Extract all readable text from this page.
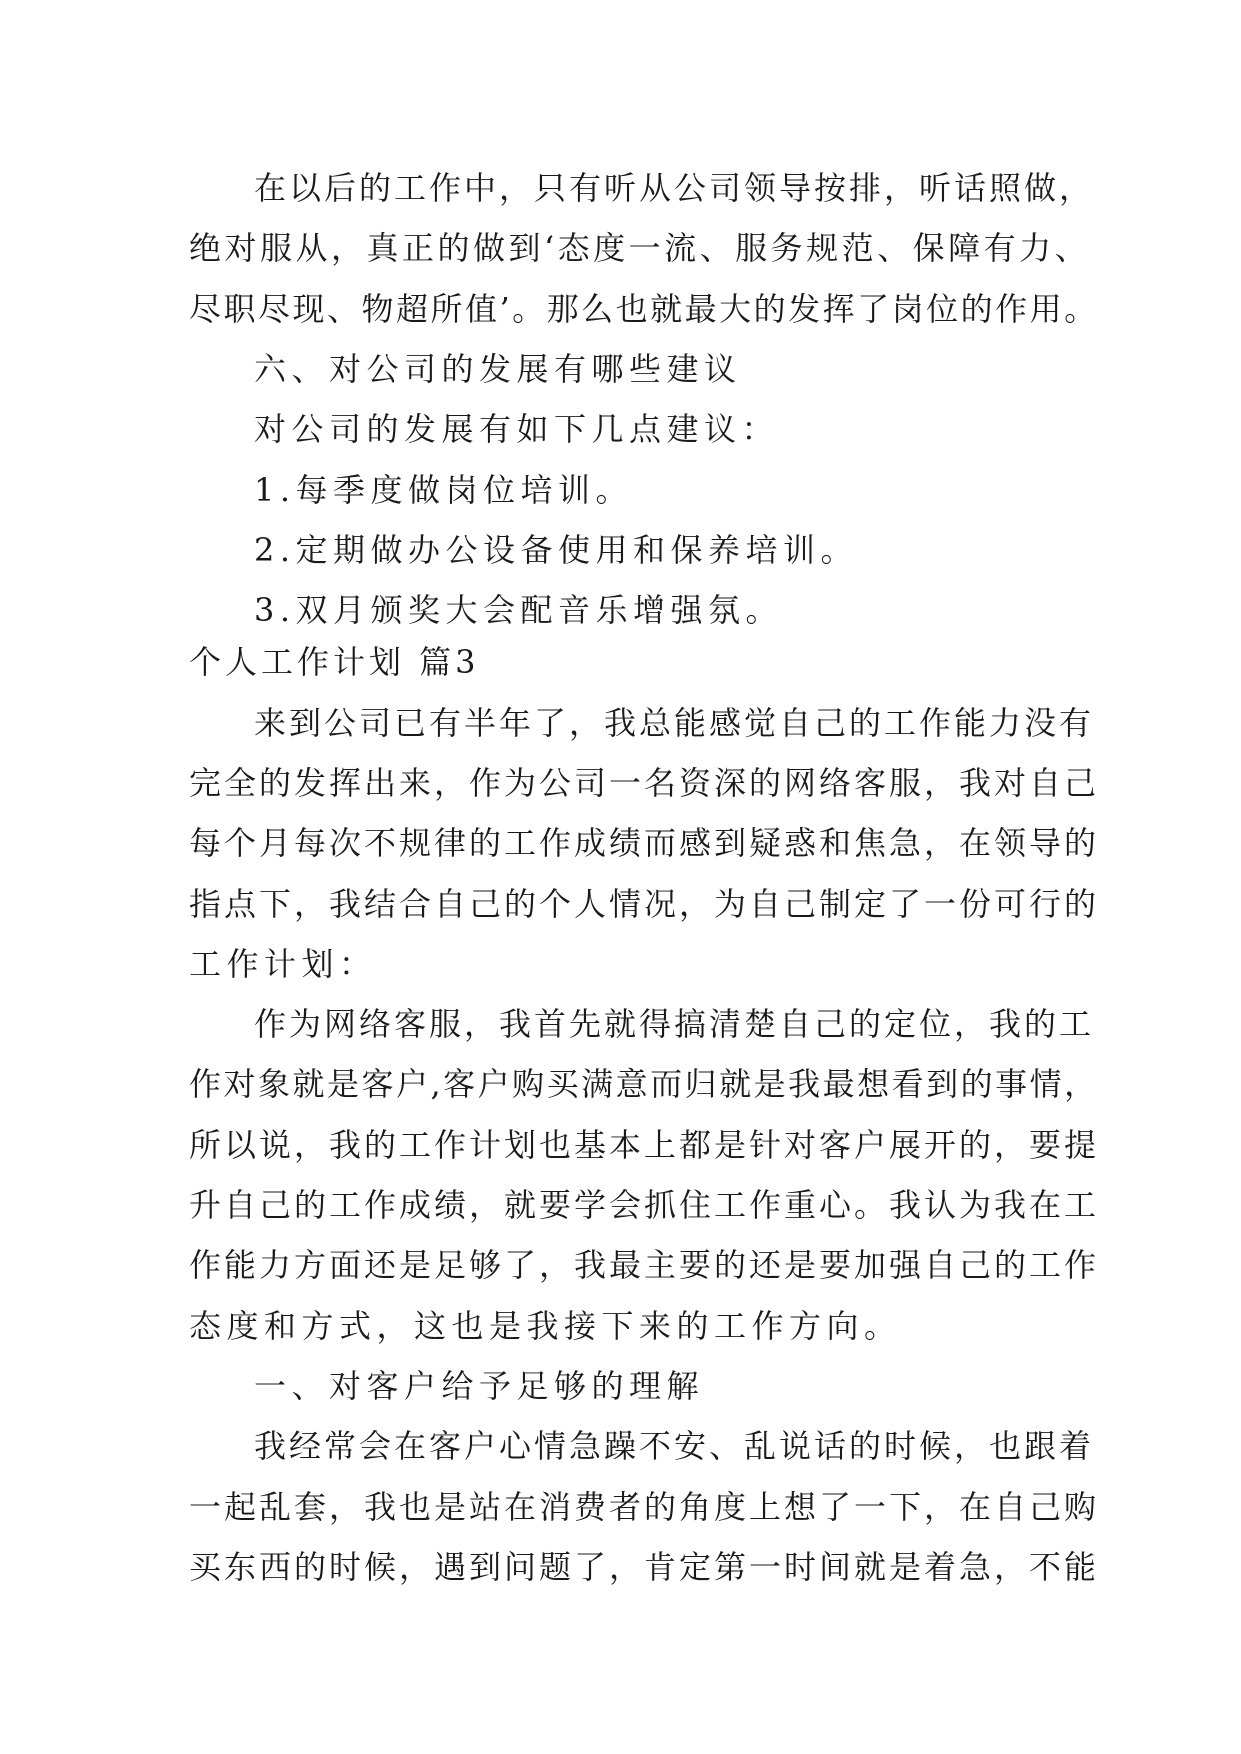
在以后的工作中，只有听从公司领导按排，听话照做，
绝对服从，真正的做到‘态度一流、服务规范、保障有力、
尽职尽现、物超所值’。那么也就最大的发挥了岗位的作用。
六、对公司的发展有哪些建议
对公司的发展有如下几点建议：
1.每季度做岗位培训。
2.定期做办公设备使用和保养培训。
3.双月颁奖大会配音乐增强氛。
个人工作计划 篇3
来到公司已有半年了，我总能感觉自己的工作能力没有
完全的发挥出来，作为公司一名资深的网络客服，我对自己
每个月每次不规律的工作成绩而感到疑惑和焦急，在领导的
指点下，我结合自己的个人情况，为自己制定了一份可行的
工作计划：
作为网络客服，我首先就得搞清楚自己的定位，我的工
作对象就是客户,客户购买满意而归就是我最想看到的事情，
所以说，我的工作计划也基本上都是针对客户展开的，要提
升自己的工作成绩，就要学会抓住工作重心。我认为我在工
作能力方面还是足够了，我最主要的还是要加强自己的工作
态度和方式，这也是我接下来的工作方向。
一、对客户给予足够的理解
我经常会在客户心情急躁不安、乱说话的时候，也跟着
一起乱套，我也是站在消费者的角度上想了一下，在自己购
买东西的时候，遇到问题了，肯定第一时间就是着急，不能
